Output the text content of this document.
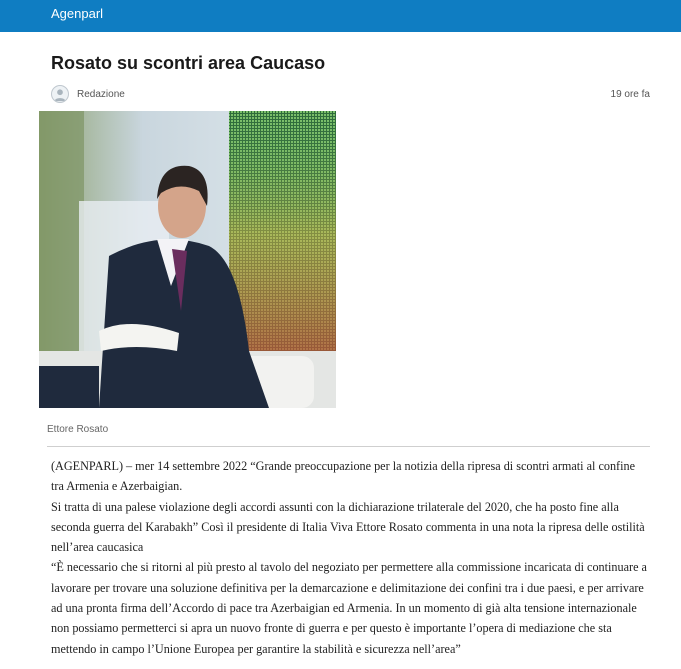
Agenparl
Rosato su scontri area Caucaso
Redazione	19 ore fa
Ettore Rosato

(AGENPARL) – mer 14 settembre 2022 “Grande preoccupazione per la notizia della ripresa di scontri armati al confine tra Armenia e Azerbaigian.

Si tratta di una palese violazione degli accordi assunti con la dichiarazione trilaterale del 2020, che ha posto fine alla seconda guerra del Karabakh” Così il presidente di Italia Viva Ettore Rosato commenta in una nota la ripresa delle ostilità nell’area caucasica

“È necessario che si ritorni al più presto al tavolo del negoziato per permettere alla commissione incaricata di continuare a lavorare per trovare una soluzione definitiva per la demarcazione e delimitazione dei confini tra i due paesi, e per arrivare ad una pronta firma dell’Accordo di pace tra Azerbaigian ed Armenia. In un momento di già alta tensione internazionale non possiamo permetterci si apra un nuovo fronte di guerra e per questo è importante l’opera di mediazione che sta mettendo in campo l’Unione Europea per garantire la stabilità e sicurezza nell’area”
